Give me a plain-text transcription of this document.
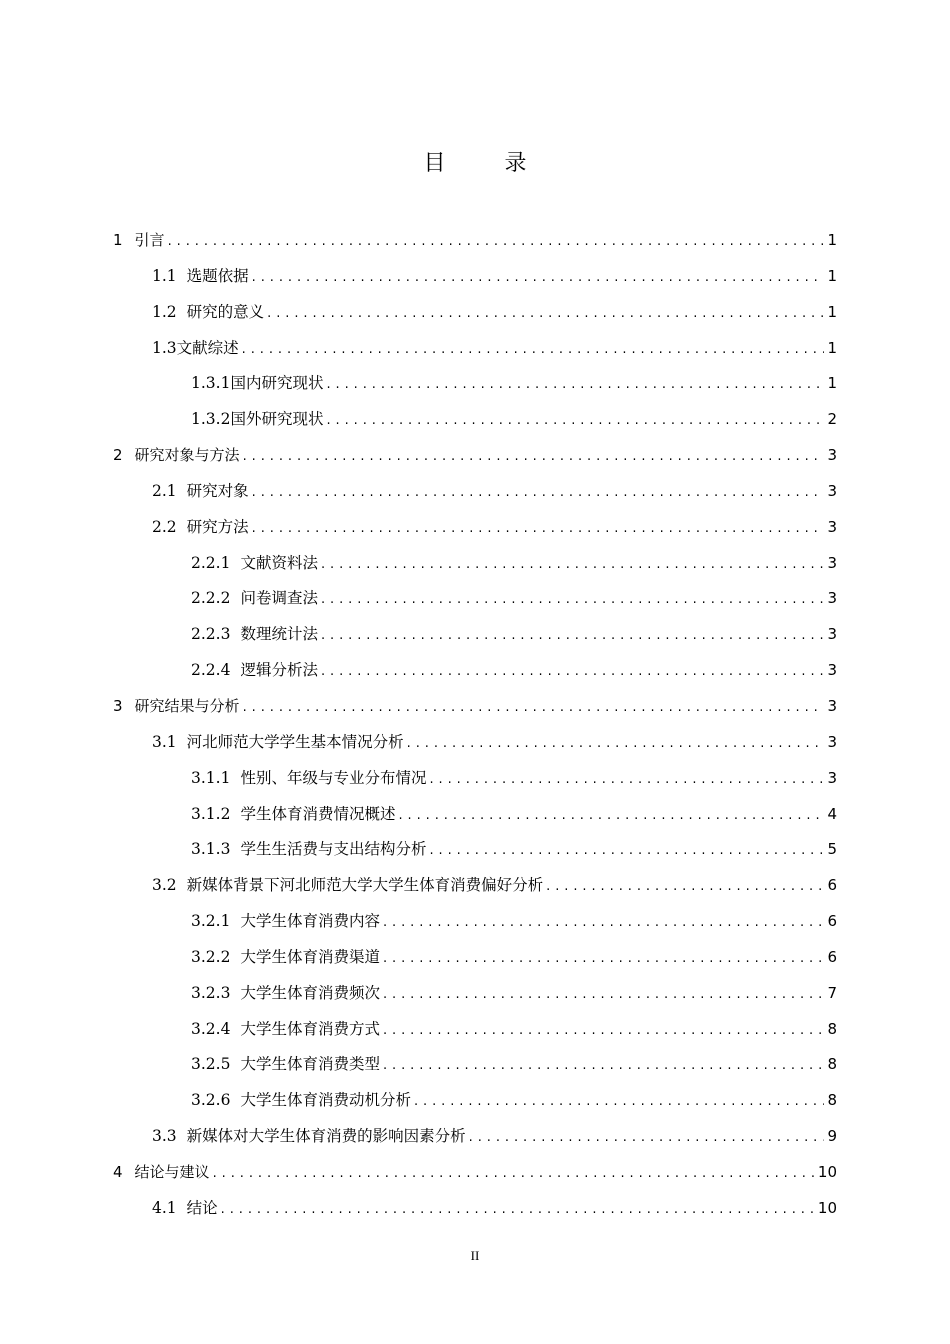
目 录
1 引言 . . .	1
1.1 选题依据 . . .	1
1.2 研究的意义 . . .	1
1.3文献综述 . . .	1
1.3.1国内研究现状 . . .	1
1.3.2国外研究现状 . . .	2
2 研究对象与方法 . . .	3
2.1 研究对象 . . .	3
2.2 研究方法 . . .	3
2.2.1 文献资料法 . . .	3
2.2.2 问卷调查法 . . .	3
2.2.3 数理统计法 . . .	3
2.2.4 逻辑分析法 . . .	3
3 研究结果与分析 . . .	3
3.1 河北师范大学学生基本情况分析 . . .	3
3.1.1 性别、年级与专业分布情况 . . .	3
3.1.2 学生体育消费情况概述 . . .	4
3.1.3 学生生活费与支出结构分析 . . .	5
3.2 新媒体背景下河北师范大学大学生体育消费偏好分析 . . .	6
3.2.1 大学生体育消费内容 . . .	6
3.2.2 大学生体育消费渠道 . . .	6
3.2.3 大学生体育消费频次 . . .	7
3.2.4 大学生体育消费方式 . . .	8
3.2.5 大学生体育消费类型 . . .	8
3.2.6 大学生体育消费动机分析 . . .	8
3.3 新媒体对大学生体育消费的影响因素分析 . . .	9
4 结论与建议 . . .	10
4.1 结论 . . .	10
II
